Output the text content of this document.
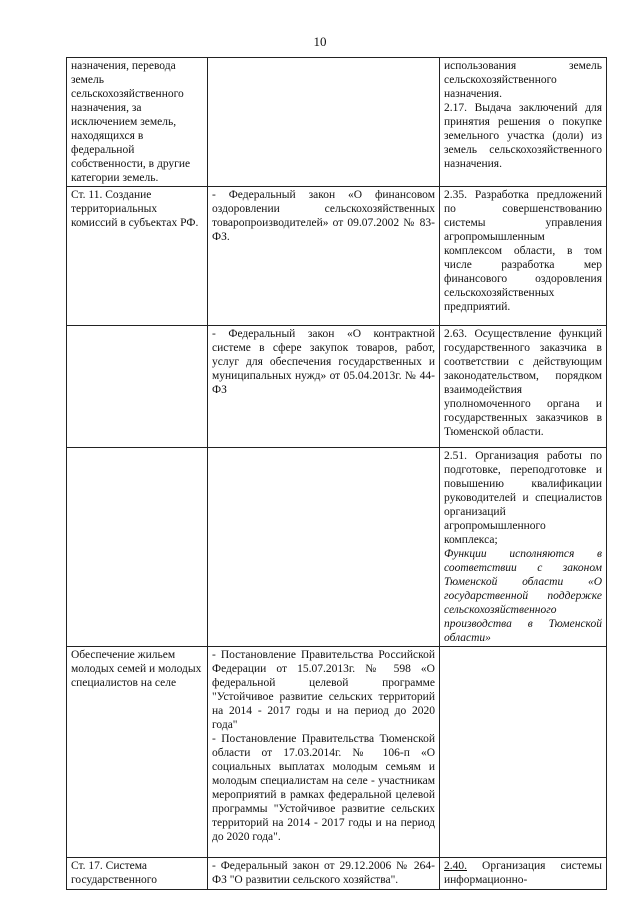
10

назначения, перевода земель сельскохозяйственного назначения, за исключением земель, находящихся в федеральной собственности, в другие категории земель.		использования земель сельскохозяйственного назначения.

2.17. Выдача заключений для принятия решения о покупке земельного участка (доли) из земель сельскохозяйственного назначения.

Ст. 11. Создание территориальных комиссий в субъектах РФ.	- Федеральный закон «О финансовом оздоровлении сельскохозяйственных товаропроизводителей» от 09.07.2002 № 83-ФЗ.	2.35. Разработка предложений по совершенствованию системы управления агропромышленным комплексом области, в том числе разработка мер финансового оздоровления сельскохозяйственных предприятий.

	- Федеральный закон «О контрактной системе в сфере закупок товаров, работ, услуг для обеспечения государственных и муниципальных нужд» от 05.04.2013г. № 44-ФЗ	2.63. Осуществление функций государственного заказчика в соответствии с действующим законодательством, порядком взаимодействия уполномоченного органа и государственных заказчиков в Тюменской области.

		2.51. Организация работы по подготовке, переподготовке и повышению квалификации руководителей и специалистов организаций агропромышленного комплекса;

Функции исполняются в соответствии с законом Тюменской области «О государственной поддержке сельскохозяйственного производства в Тюменской области»

Обеспечение жильем молодых семей и молодых специалистов на селе	- Постановление Правительства Российской Федерации от 15.07.2013г. № 598 «О федеральной целевой программе "Устойчивое развитие сельских территорий на 2014 - 2017 годы и на период до 2020 года"

- Постановление Правительства Тюменской области от 17.03.2014г. № 106-п «О социальных выплатах молодым семьям и молодым специалистам на селе - участникам мероприятий в рамках федеральной целевой программы "Устойчивое развитие сельских территорий на 2014 - 2017 годы и на период до 2020 года".	

Ст. 17. Система государственного	- Федеральный закон от 29.12.2006 № 264-ФЗ "О развитии сельского хозяйства".	2.40. Организация системы информационно-
